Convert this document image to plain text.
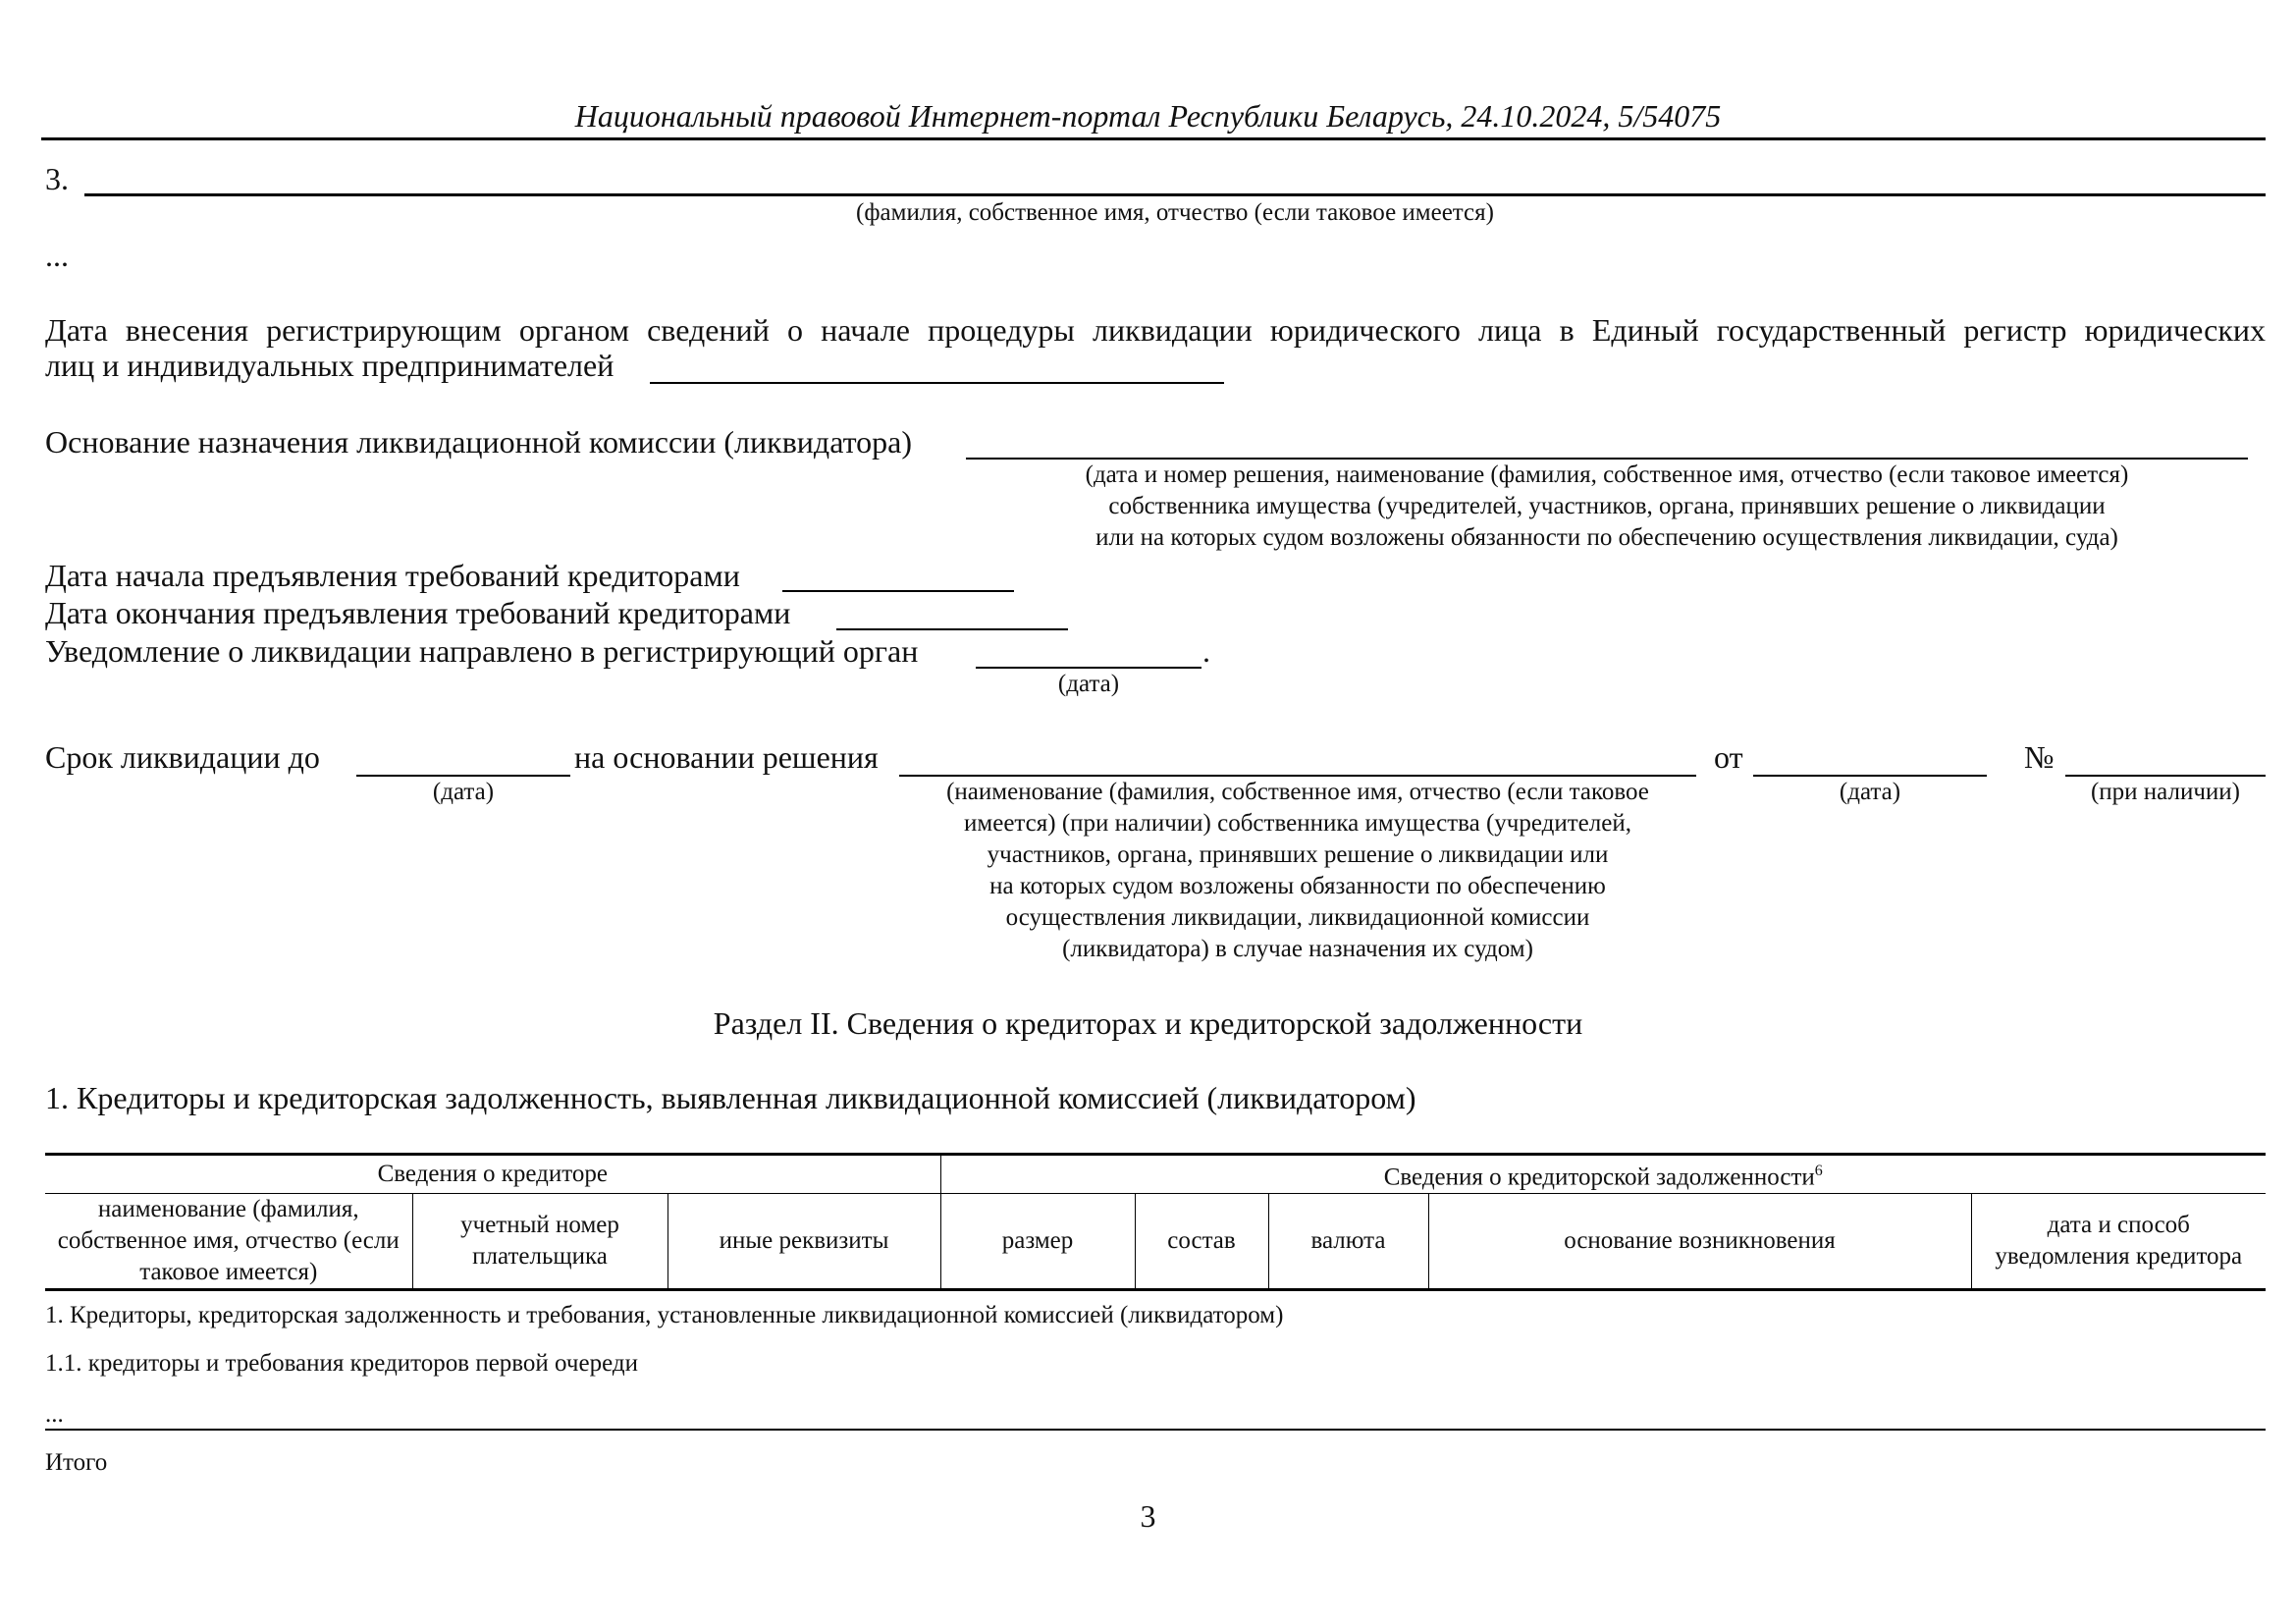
Национальный правовой Интернет-портал Республики Беларусь, 24.10.2024, 5/54075
3.
(фамилия, собственное имя, отчество (если таковое имеется)
...
Дата внесения регистрирующим органом сведений о начале процедуры ликвидации юридического лица в Единый государственный регистр юридических
лиц и индивидуальных предпринимателей
Основание назначения ликвидационной комиссии (ликвидатора)
(дата и номер решения, наименование (фамилия, собственное имя, отчество (если таковое имеется)
собственника имущества (учредителей, участников, органа, принявших решение о ликвидации
или на которых судом возложены обязанности по обеспечению осуществления ликвидации, суда)
Дата начала предъявления требований кредиторами
Дата окончания предъявления требований кредиторами
Уведомление о ликвидации направлено в регистрирующий орган	.
(дата)
Срок ликвидации до
(дата)
на основании решения
(наименование (фамилия, собственное имя, отчество (если таковое
имеется) (при наличии) собственника имущества (учредителей,
участников, органа, принявших решение о ликвидации или
на которых судом возложены обязанности по обеспечению
осуществления ликвидации, ликвидационной комиссии
(ликвидатора) в случае назначения их судом)
от
(дата)
№
(при наличии)
Раздел II. Сведения о кредиторах и кредиторской задолженности
1. Кредиторы и кредиторская задолженность, выявленная ликвидационной комиссией (ликвидатором)
Сведения о кредиторе			Сведения о кредиторской задолженности$^6$
наименование (фамилия, собственное имя, отчество (если таковое имеется)	учетный номер плательщика	иные реквизиты	размер	состав	валюта	основание возникновения	дата и способ уведомления кредитора
1. Кредиторы, кредиторская задолженность и требования, установленные ликвидационной комиссией (ликвидатором)
1.1. кредиторы и требования кредиторов первой очереди
...
Итого
3
